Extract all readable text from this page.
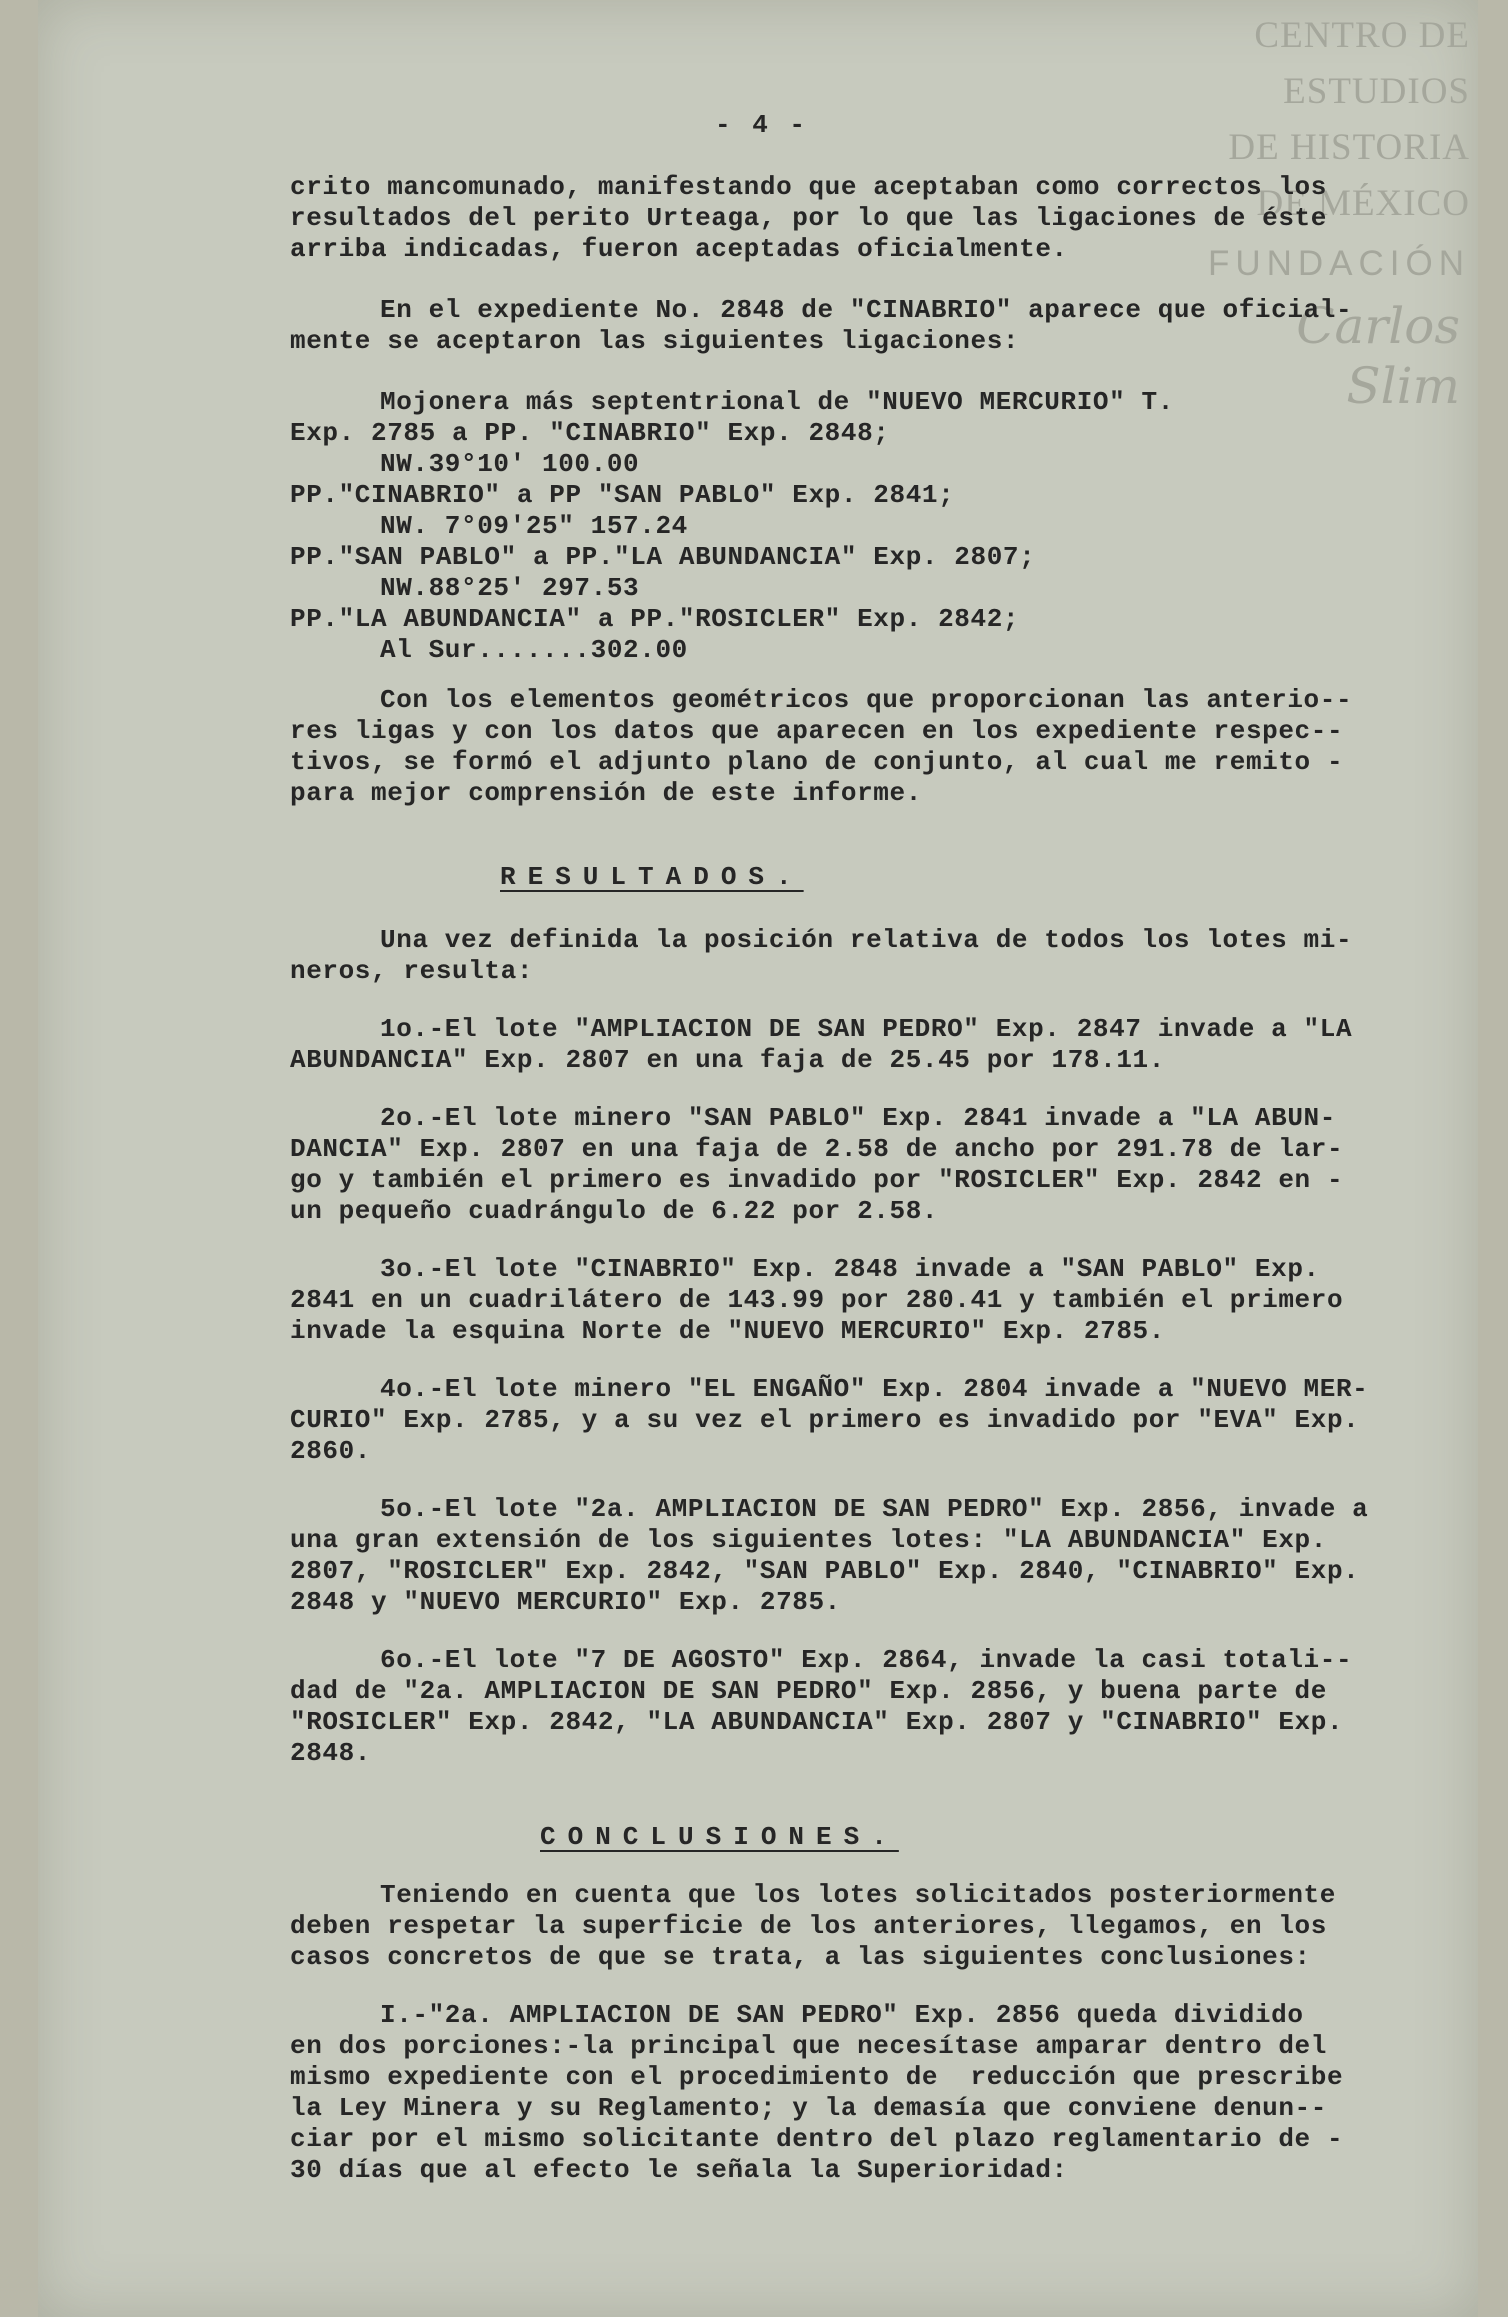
CENTRO DE
ESTUDIOS
DE HISTORIA
DE MÉXICO
FUNDACIÓN
Carlos Slim
- 4 -
crito mancomunado, manifestando que aceptaban como correctos los
resultados del perito Urteaga, por lo que las ligaciones de éste
arriba indicadas, fueron aceptadas oficialmente.
En el expediente No. 2848 de "CINABRIO" aparece que oficial-
mente se aceptaron las siguientes ligaciones:
Mojonera más septentrional de "NUEVO MERCURIO" T.
Exp. 2785 a PP. "CINABRIO" Exp. 2848;
NW.39°10' 100.00
PP."CINABRIO" a PP "SAN PABLO" Exp. 2841;
NW. 7°09'25" 157.24
PP."SAN PABLO" a PP."LA ABUNDANCIA" Exp. 2807;
NW.88°25' 297.53
PP."LA ABUNDANCIA" a PP."ROSICLER" Exp. 2842;
Al Sur.......302.00
Con los elementos geométricos que proporcionan las anterio--
res ligas y con los datos que aparecen en los expediente respec--
tivos, se formó el adjunto plano de conjunto, al cual me remito -
para mejor comprensión de este informe.
RESULTADOS.
Una vez definida la posición relativa de todos los lotes mi-
neros, resulta:
1o.-El lote "AMPLIACION DE SAN PEDRO" Exp. 2847 invade a "LA
ABUNDANCIA" Exp. 2807 en una faja de 25.45 por 178.11.
2o.-El lote minero "SAN PABLO" Exp. 2841 invade a "LA ABUN-
DANCIA" Exp. 2807 en una faja de 2.58 de ancho por 291.78 de lar-
go y también el primero es invadido por "ROSICLER" Exp. 2842 en -
un pequeño cuadrángulo de 6.22 por 2.58.
3o.-El lote "CINABRIO" Exp. 2848 invade a "SAN PABLO" Exp.
2841 en un cuadrilátero de 143.99 por 280.41 y también el primero
invade la esquina Norte de "NUEVO MERCURIO" Exp. 2785.
4o.-El lote minero "EL ENGAÑO" Exp. 2804 invade a "NUEVO MER-
CURIO" Exp. 2785, y a su vez el primero es invadido por "EVA" Exp.
2860.
5o.-El lote "2a. AMPLIACION DE SAN PEDRO" Exp. 2856, invade a
una gran extensión de los siguientes lotes: "LA ABUNDANCIA" Exp.
2807, "ROSICLER" Exp. 2842, "SAN PABLO" Exp. 2840, "CINABRIO" Exp.
2848 y "NUEVO MERCURIO" Exp. 2785.
6o.-El lote "7 DE AGOSTO" Exp. 2864, invade la casi totali--
dad de "2a. AMPLIACION DE SAN PEDRO" Exp. 2856, y buena parte de
"ROSICLER" Exp. 2842, "LA ABUNDANCIA" Exp. 2807 y "CINABRIO" Exp.
2848.
CONCLUSIONES.
Teniendo en cuenta que los lotes solicitados posteriormente
deben respetar la superficie de los anteriores, llegamos, en los
casos concretos de que se trata, a las siguientes conclusiones:
I.-"2a. AMPLIACION DE SAN PEDRO" Exp. 2856 queda dividido
en dos porciones:-la principal que necesítase amparar dentro del
mismo expediente con el procedimiento de  reducción que prescribe
la Ley Minera y su Reglamento; y la demasía que conviene denun--
ciar por el mismo solicitante dentro del plazo reglamentario de -
30 días que al efecto le señala la Superioridad:
